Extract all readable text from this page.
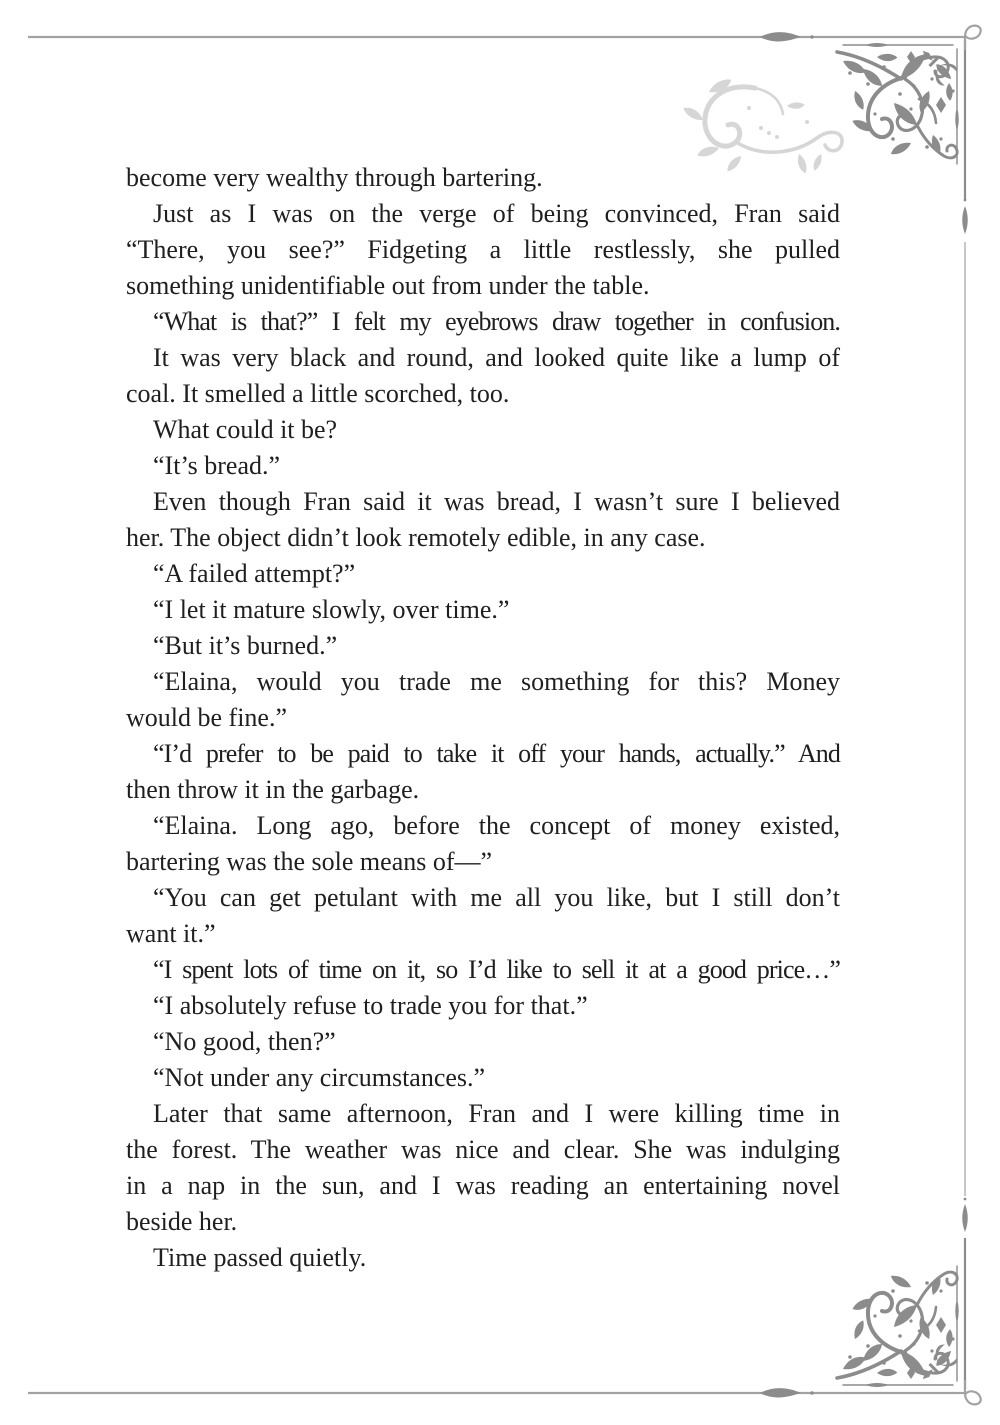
become very wealthy through bartering.
Just as I was on the verge of being convinced, Fran said
“There, you see?” Fidgeting a little restlessly, she pulled
something unidentifiable out from under the table.
“What is that?” I felt my eyebrows draw together in confusion.
It was very black and round, and looked quite like a lump of
coal. It smelled a little scorched, too.
What could it be?
“It’s bread.”
Even though Fran said it was bread, I wasn’t sure I believed
her. The object didn’t look remotely edible, in any case.
“A failed attempt?”
“I let it mature slowly, over time.”
“But it’s burned.”
“Elaina, would you trade me something for this? Money
would be fine.”
“I’d prefer to be paid to take it off your hands, actually.” And
then throw it in the garbage.
“Elaina. Long ago, before the concept of money existed,
bartering was the sole means of—”
“You can get petulant with me all you like, but I still don’t
want it.”
“I spent lots of time on it, so I’d like to sell it at a good price…”
“I absolutely refuse to trade you for that.”
“No good, then?”
“Not under any circumstances.”
Later that same afternoon, Fran and I were killing time in
the forest. The weather was nice and clear. She was indulging
in a nap in the sun, and I was reading an entertaining novel
beside her.
Time passed quietly.
